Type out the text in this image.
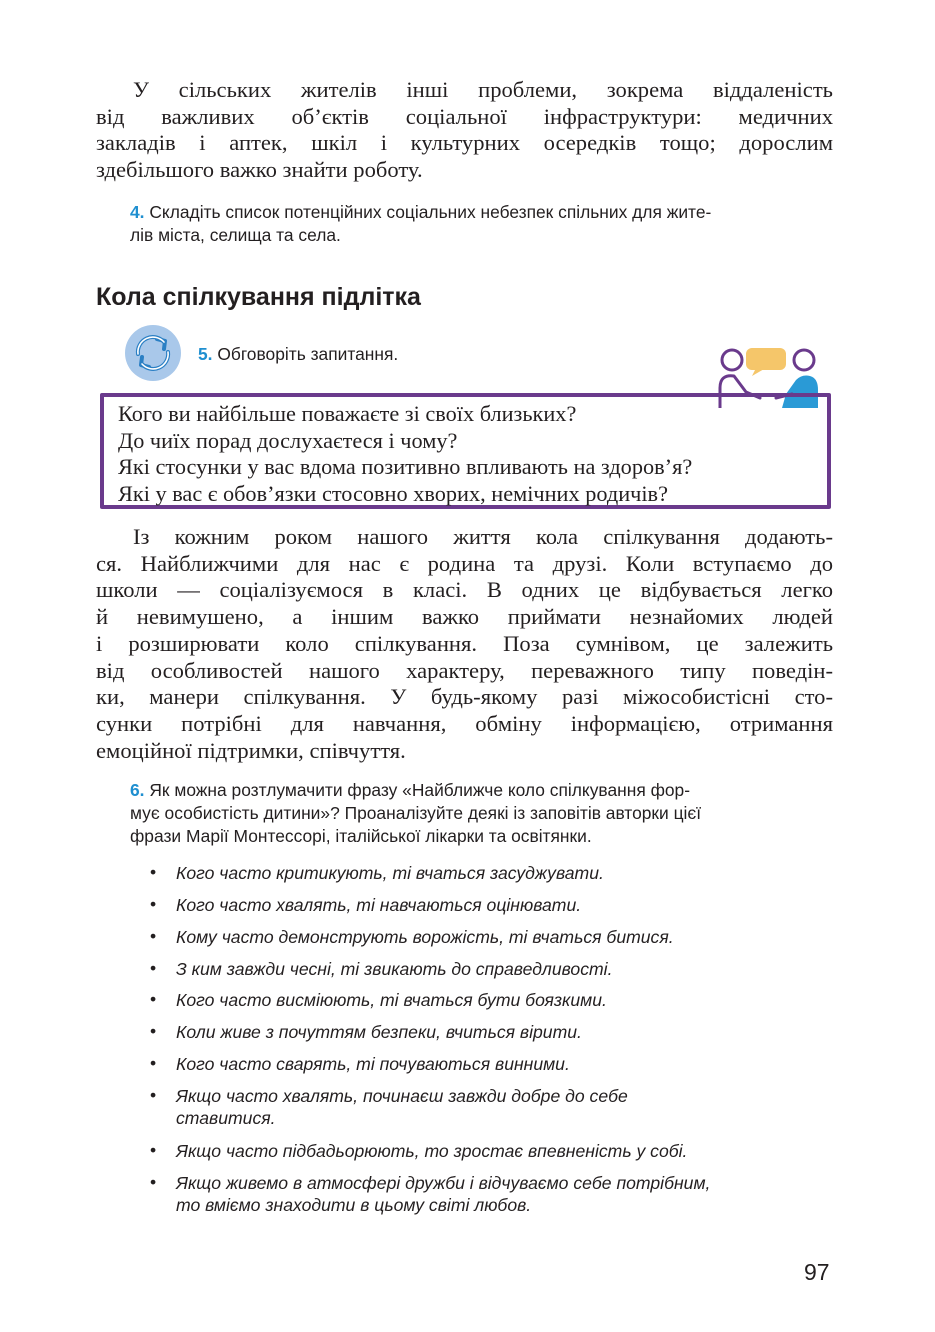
У сільських жителів інші проблеми, зокрема віддаленість
від важливих об’єктів соціальної інфраструктури: медичних
закладів і аптек, шкіл і культурних осередків тощо; дорослим
здебільшого важко знайти роботу.
4. Складіть список потенційних соціальних небезпек спільних для жите-
лів міста, селища та села.
Кола спілкування підлітка

5. Обговоріть запитання.

Кого ви найбільше поважаєте зі своїх близьких?
До чиїх порад дослухаєтеся і чому?
Які стосунки у вас вдома позитивно впливають на здоров’я?
Які у вас є обов’язки стосовно хворих, немічних родичів?
Із кожним роком нашого життя кола спілкування додають-
ся. Найближчими для нас є родина та друзі. Коли вступаємо до
школи — соціалізуємося в класі. В одних це відбувається легко
й невимушено, а іншим важко приймати незнайомих людей
і розширювати коло спілкування. Поза сумнівом, це залежить
від особливостей нашого характеру, переважного типу поведін-
ки, манери спілкування. У будь-якому разі міжособистісні сто-
сунки потрібні для навчання, обміну інформацією, отримання
емоційної підтримки, співчуття.
6. Як можна розтлумачити фразу «Найближче коло спілкування фор-
мує особистість дитини»? Проаналізуйте деякі із заповітів авторки цієї
фрази Марії Монтессорі, італійської лікарки та освітянки.
• Кого часто критикують, ті вчаться засуджувати.
• Кого часто хвалять, ті навчаються оцінювати.
• Кому часто демонструють ворожість, ті вчаться битися.
• З ким завжди чесні, ті звикають до справедливості.
• Кого часто висміюють, ті вчаться бути боязкими.
• Коли живе з почуттям безпеки, вчиться вірити.
• Кого часто сварять, ті почуваються винними.
• Якщо часто хвалять, починаєш завжди добре до себе
ставитися.
• Якщо часто підбадьорюють, то зростає впевненість у собі.
• Якщо живемо в атмосфері дружби і відчуваємо себе потрібним,
то вміємо знаходити в цьому світі любов.

97
